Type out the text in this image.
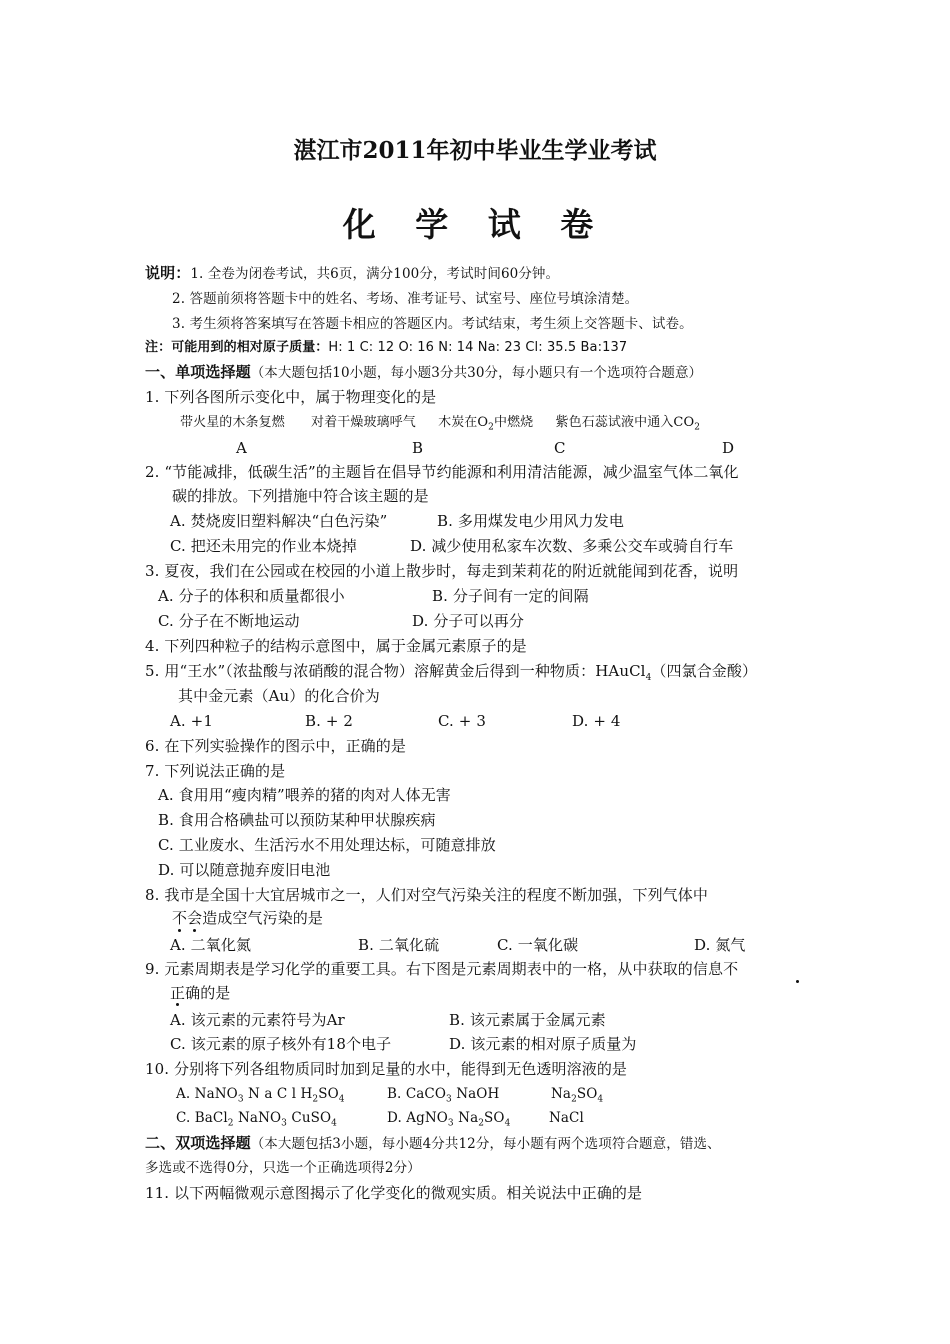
湛江市2011年初中毕业生学业考试
化 学 试 卷
说明：1. 全卷为闭卷考试，共6页，满分100分，考试时间60分钟。
2. 答题前须将答题卡中的姓名、考场、准考证号、试室号、座位号填涂清楚。
3. 考生须将答案填写在答题卡相应的答题区内。考试结束，考生须上交答题卡、试卷。
注：可能用到的相对原子质量：H: 1 C: 12 O: 16 N: 14 Na: 23 Cl: 35.5 Ba:137
一、单项选择题（本大题包括10小题，每小题3分共30分，每小题只有一个选项符合题意）
1. 下列各图所示变化中，属于物理变化的是
带火星的木条复燃 对着干燥玻璃呼气 木炭在$O_2$中燃烧 紫色石蕊试液中通入$CO_2$
A	B	C	D
2. “节能减排，低碳生活”的主题旨在倡导节约能源和利用清洁能源，减少温室气体二氧化
碳的排放。下列措施中符合该主题的是
A. 焚烧废旧塑料解决“白色污染”	B. 多用煤发电少用风力发电
C. 把还未用完的作业本烧掉	D. 减少使用私家车次数、多乘公交车或骑自行车
3. 夏夜，我们在公园或在校园的小道上散步时，每走到茉莉花的附近就能闻到花香，说明
A. 分子的体积和质量都很小	B. 分子间有一定的间隔
C. 分子在不断地运动	D. 分子可以再分
4. 下列四种粒子的结构示意图中，属于金属元素原子的是
5. 用“王水”（浓盐酸与浓硝酸的混合物）溶解黄金后得到一种物质：HAuCl$_4$（四氯合金酸）
其中金元素（Au）的化合价为
A. +1	B. + 2	C. + 3	D. + 4
6. 在下列实验操作的图示中，正确的是
7. 下列说法正确的是
A. 食用用“瘦肉精”喂养的猪的肉对人体无害
B. 食用合格碘盐可以预防某种甲状腺疾病
C. 工业废水、生活污水不用处理达标，可随意排放
D. 可以随意抛弃废旧电池
8. 我市是全国十大宜居城市之一，人们对空气污染关注的程度不断加强，下列气体中
不会造成空气污染的是
A. 二氧化氮	B. 二氧化硫	C. 一氧化碳	D. 氮气
9. 元素周期表是学习化学的重要工具。右下图是元素周期表中的一格，从中获取的信息不
正确的是
A. 该元素的元素符号为Ar	B. 该元素属于金属元素
C. 该元素的原子核外有18个电子	D. 该元素的相对原子质量为
10. 分别将下列各组物质同时加到足量的水中，能得到无色透明溶液的是
A. NaNO$_3$ N a C l $H_2SO_4$	B. CaCO$_3$ NaOH	$Na_2SO_4$
C. BaCl$_2$ NaNO$_3$ CuSO$_4$	D. AgNO$_3$ $Na_2SO_4$	NaCl
二、双项选择题（本大题包括3小题，每小题4分共12分，每小题有两个选项符合题意，错选、
多选或不选得0分，只选一个正确选项得2分）
11. 以下两幅微观示意图揭示了化学变化的微观实质。相关说法中正确的是
